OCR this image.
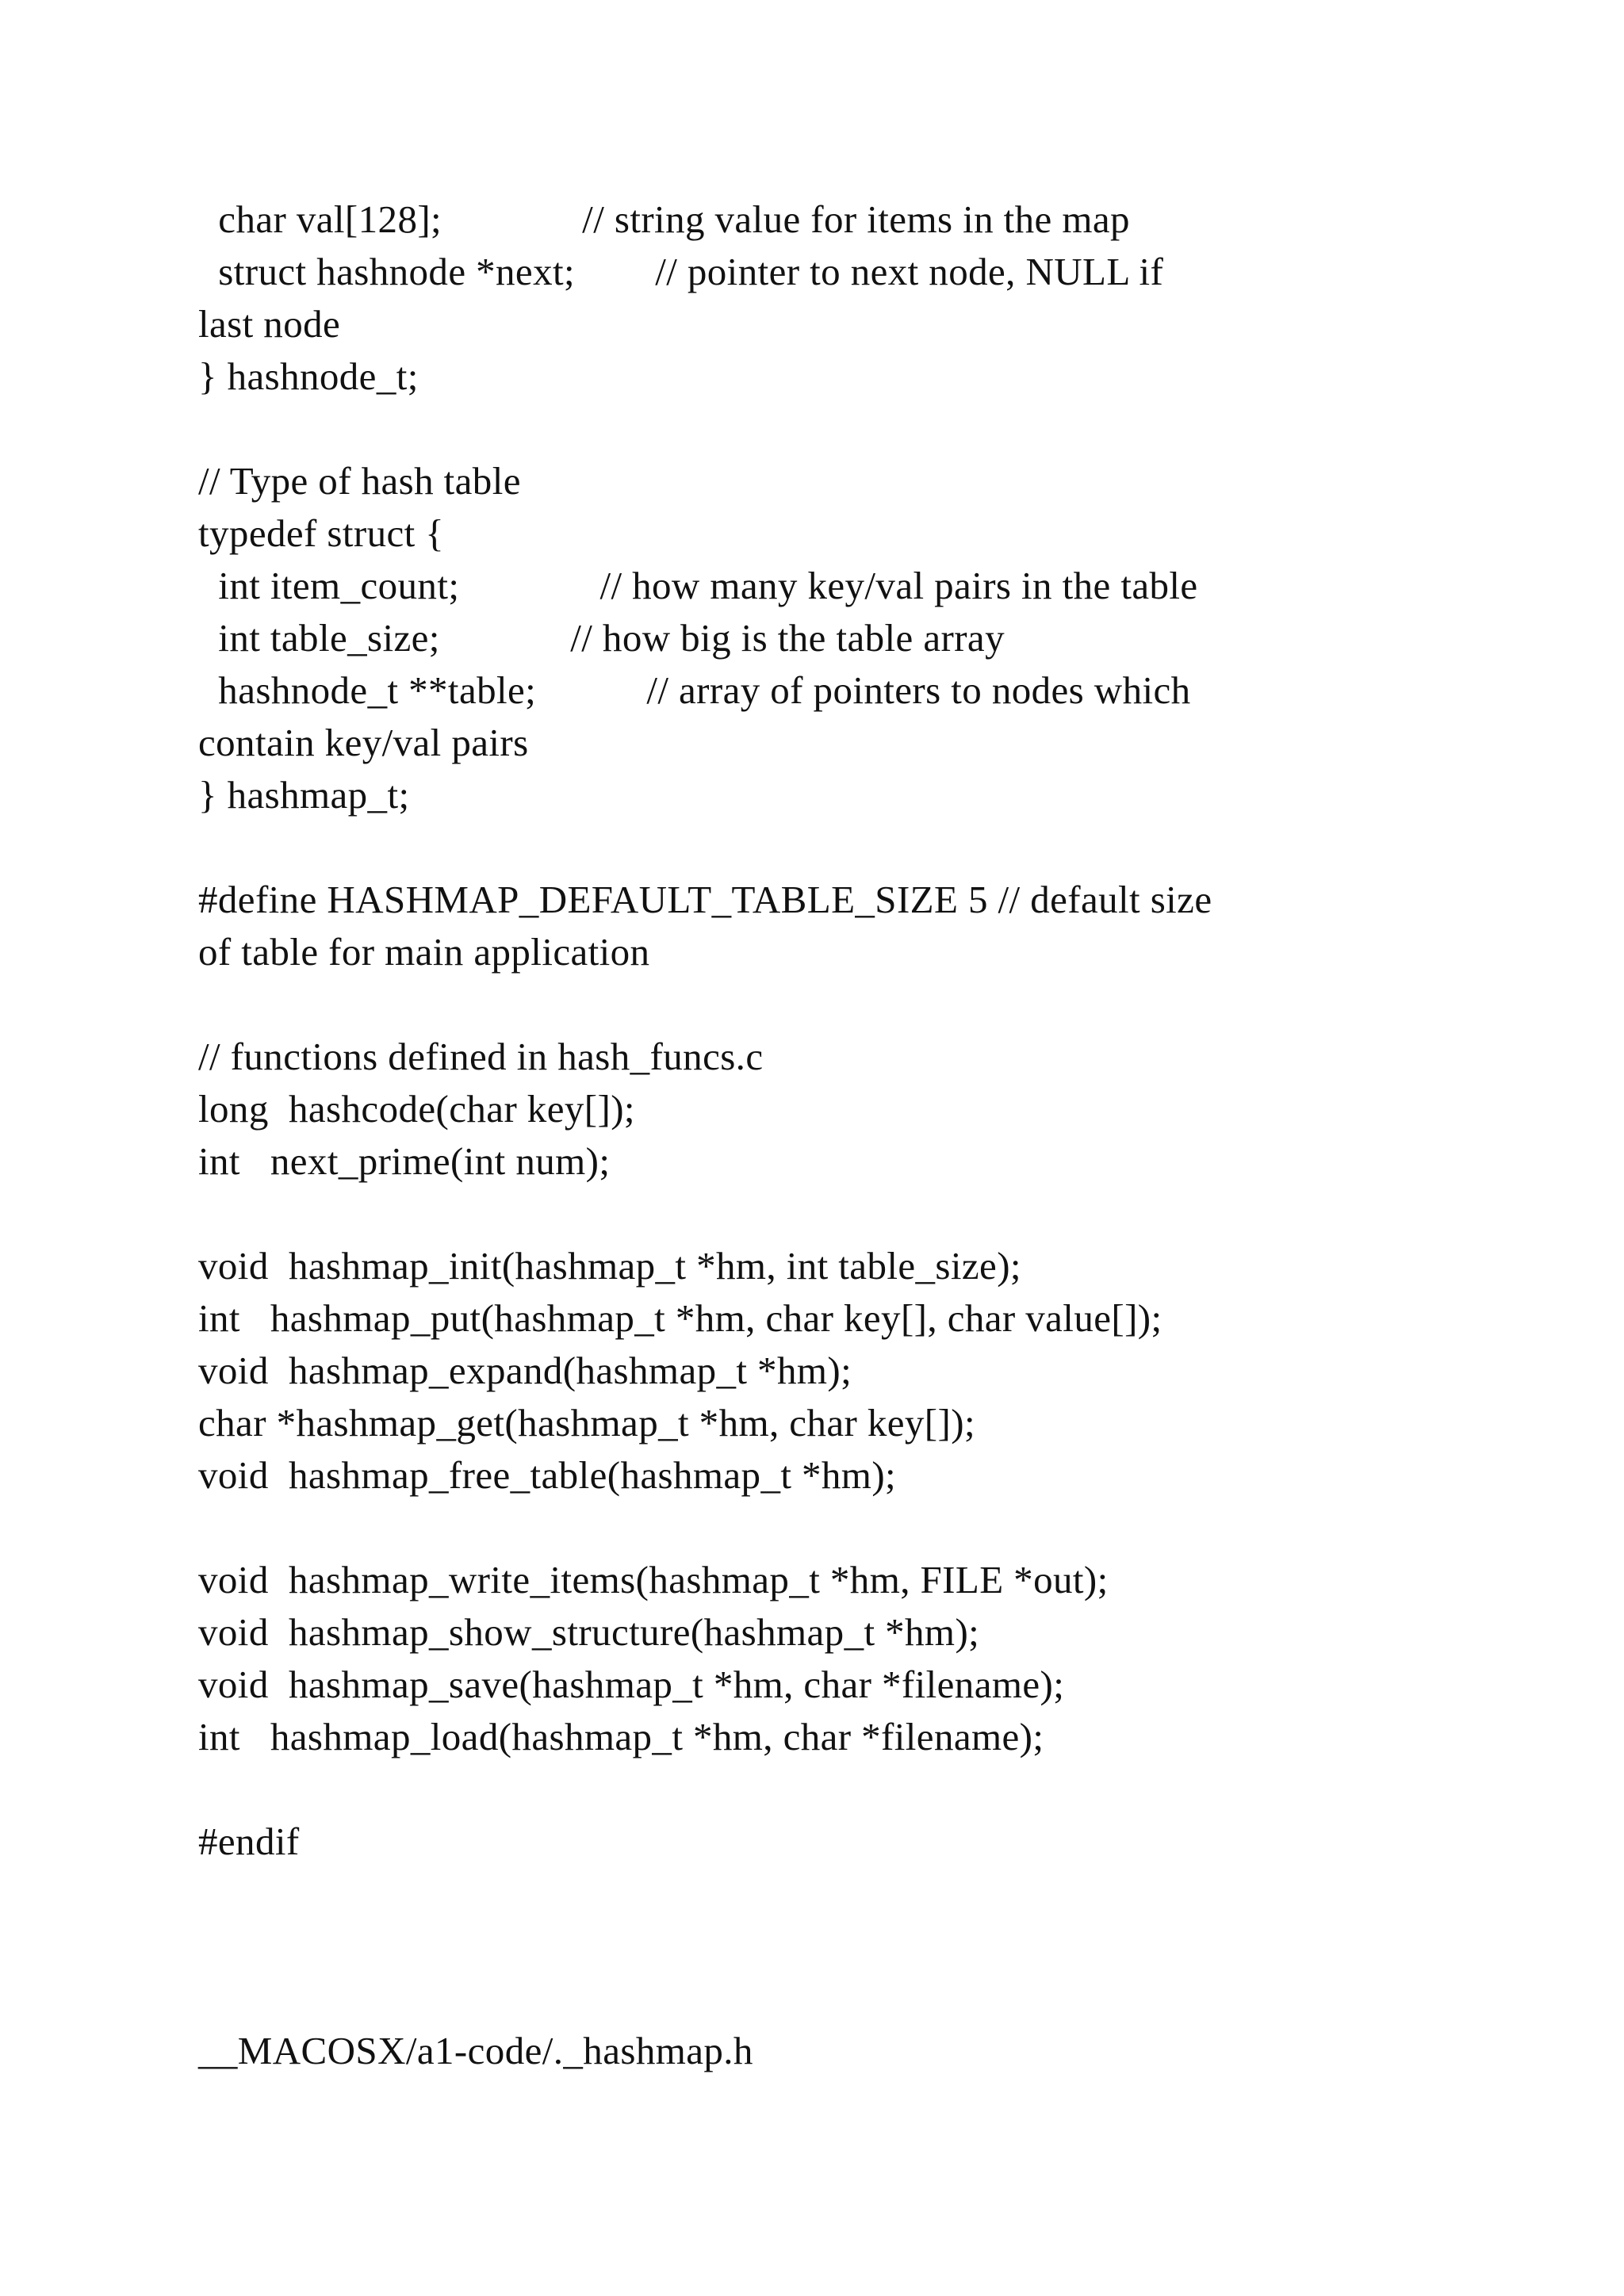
char val[128];              // string value for items in the map
struct hashnode *next;        // pointer to next node, NULL if
last node
} hashnode_t;
// Type of hash table
typedef struct {
int item_count;              // how many key/val pairs in the table
int table_size;             // how big is the table array
hashnode_t **table;           // array of pointers to nodes which
contain key/val pairs
} hashmap_t;
#define HASHMAP_DEFAULT_TABLE_SIZE 5 // default size
of table for main application
// functions defined in hash_funcs.c
long  hashcode(char key[]);
int   next_prime(int num);
void  hashmap_init(hashmap_t *hm, int table_size);
int   hashmap_put(hashmap_t *hm, char key[], char value[]);
void  hashmap_expand(hashmap_t *hm);
char *hashmap_get(hashmap_t *hm, char key[]);
void  hashmap_free_table(hashmap_t *hm);
void  hashmap_write_items(hashmap_t *hm, FILE *out);
void  hashmap_show_structure(hashmap_t *hm);
void  hashmap_save(hashmap_t *hm, char *filename);
int   hashmap_load(hashmap_t *hm, char *filename);
#endif
__MACOSX/a1-code/._hashmap.h
